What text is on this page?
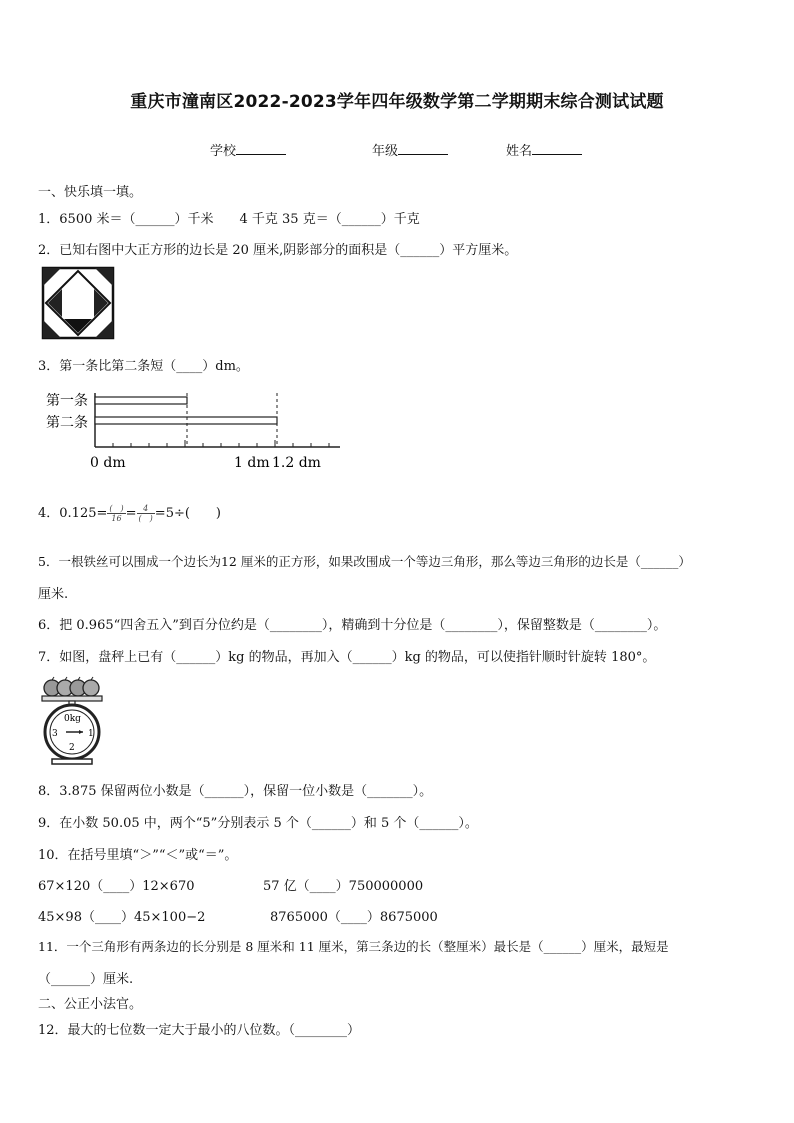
重庆市潼南区2022-2023学年四年级数学第二学期期末综合测试试题
学校	年级	姓名
一、快乐填一填。
1．6500 米＝（______）千米　　4 千克 35 克＝（______）千克
2．已知右图中大正方形的边长是 20 厘米,阴影部分的面积是（______）平方厘米。
3．第一条比第二条短（____）dm。
第一条
第二条
0 dm	1 dm 1.2 dm
4．$0.125= \frac{( )}{16} = \frac{4}{( )} =5\div$(　　)
5．一根铁丝可以围成一个边长为12 厘米的正方形，如果改围成一个等边三角形，那么等边三角形的边长是（______）
厘米.
6．把 0.965“四舍五入”到百分位约是（________），精确到十分位是（________），保留整数是（________）。
7．如图，盘秤上已有（______）kg 的物品，再加入（______）kg 的物品，可以使指针顺时针旋转 180°。
0kg
3	1
2
8．3.875 保留两位小数是（______），保留一位小数是（_______）。
9．在小数 50.05 中，两个“5”分别表示 5 个（______）和 5 个（______）。
10．在括号里填“＞”“＜”或“＝”。
67×120（____）12×670	57 亿（____）750000000
45×98（____）45×100−2	8765000（____）8675000
11．一个三角形有两条边的长分别是 8 厘米和 11 厘米，第三条边的长（整厘米）最长是（______）厘米，最短是
（______）厘米.
二、公正小法官。
12．最大的七位数一定大于最小的八位数。（________）
